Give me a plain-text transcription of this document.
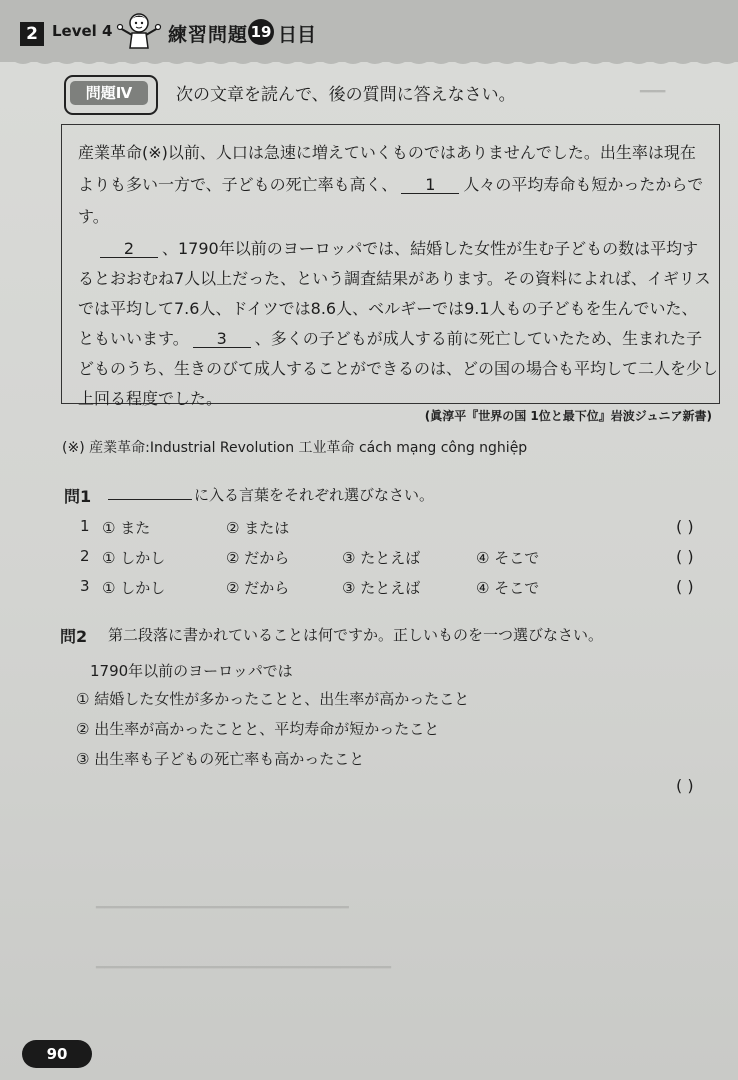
2 Level 4	練習問題 19 日目
━━━
問題Ⅳ	次の文章を読んで、後の質問に答えなさい。
産業革命(※)以前、人口は急速に増えていくものではありませんでした。出生率は現在
よりも多い一方で、子どもの死亡率も高く、 1 人々の平均寿命も短かったからで
す。
2 、1790年以前のヨーロッパでは、結婚した女性が生む子どもの数は平均す
るとおおむね7人以上だった、という調査結果があります。その資料によれば、イギリス
では平均して7.6人、ドイツでは8.6人、ベルギーでは9.1人もの子どもを生んでいた、
ともいいます。 3 、多くの子どもが成人する前に死亡していたため、生まれた子
どものうち、生きのびて成人することができるのは、どの国の場合も平均して二人を少し
上回る程度でした。
(眞淳平『世界の国 1位と最下位』岩波ジュニア新書)
(※) 産業革命:Industrial Revolution 工业革命 cách mạng công nghiệp
問1	に入る言葉をそれぞれ選びなさい。
1 ① また	② または	( )
2 ① しかし	② だから	③ たとえば	④ そこで	( )
3 ① しかし	② だから	③ たとえば	④ そこで	( )
問2 第二段落に書かれていることは何ですか。正しいものを一つ選びなさい。
1790年以前のヨーロッパでは
① 結婚した女性が多かったことと、出生率が高かったこと
② 出生率が高かったことと、平均寿命が短かったこと
③ 出生率も子どもの死亡率も高かったこと
( )
━━━━━━━━━━━━━━━━━━━━━━━━━━━━━━
━━━━━━━━━━━━━━━━━━━━━━━━━━━━━━━━━━━
90
